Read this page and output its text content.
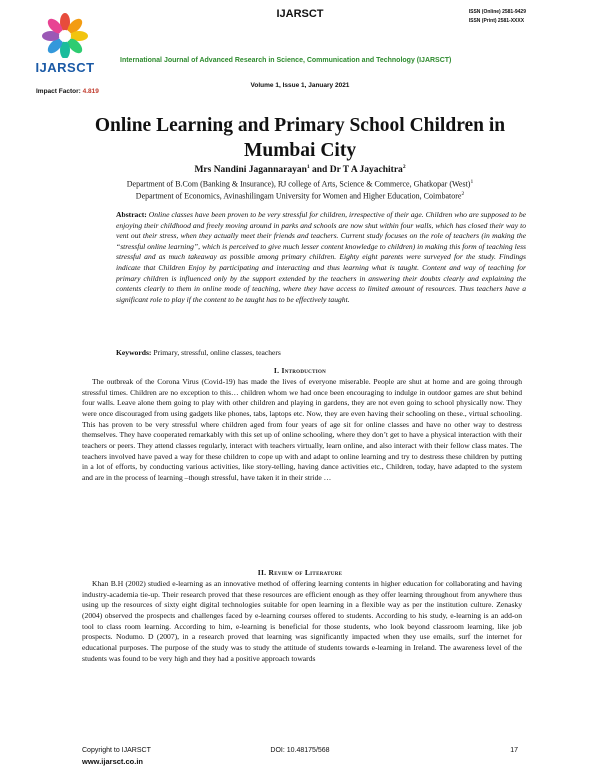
IJARSCT
Impact Factor: 4.819
IJARSCT	ISSN (Online) 2581-9429
ISSN (Print) 2581-XXXX
International Journal of Advanced Research in Science, Communication and Technology (IJARSCT)
Volume 1, Issue 1, January 2021
Online Learning and Primary School Children in Mumbai City
Mrs Nandini Jagannarayan$^1$ and Dr T A Jayachitra$^2$
Department of B.Com (Banking & Insurance), RJ college of Arts, Science & Commerce, Ghatkopar (West)$^1$
Department of Economics, Avinashilingam University for Women and Higher Education, Coimbatore$^2$
Abstract: Online classes have been proven to be very stressful for children, irrespective of their age. Children who are supposed to be enjoying their childhood and freely moving around in parks and schools are now shut within four walls, which has closed their way to vent out their stress, when they actually meet their friends and teachers. Current study focuses on the role of teachers (in making the “stressful online learning”, which is perceived to give much lesser content knowledge to children) in making this form of teaching less stressful and as much takeaway as possible among primary children. Eighty eight parents were surveyed for the study. Findings indicate that Children Enjoy by participating and interacting and thus learning what is taught. Content and way of teaching for primary children is influenced only by the support extended by the teachers in answering their doubts clearly and explaining the contents clearly to them in online mode of teaching, where they have access to limited amount of resources. Thus teachers have a significant role to play if the content to be taught has to be effectively taught.
Keywords: Primary, stressful, online classes, teachers
I. Introduction
The outbreak of the Corona Virus (Covid-19) has made the lives of everyone miserable. People are shut at home and are going through stressful times. Children are no exception to this… children whom we had once been encouraging to indulge in outdoor games are shut behind four walls. Leave alone them going to play with other children and playing in gardens, they are not even going to school physically now. They were once discouraged from using gadgets like phones, tabs, laptops etc. Now, they are even having their schooling on these., virtual schooling. This has proven to be very stressful where children aged from four years of age sit for online classes and have no other way to destress themselves. They have cooperated remarkably with this set up of online schooling, where they don’t get to have a physical interaction with their teachers or peers. They attend classes regularly, interact with teachers virtually, learn online, and also interact with their fellow class mates. The teachers involved have paved a way for these children to cope up with and adapt to online learning and try to destress these children by putting in a lot of efforts, by conducting various activities, like story-telling, having dance activities etc., Children, today, have adapted to the system and are in the process of learning –though stressful, have taken it in their stride …
II. Review of Literature
Khan B.H (2002) studied e-learning as an innovative method of offering learning contents in higher education for collaborating and having industry-academia tie-up. Their research proved that these resources are efficient enough as they offer learning throughout from anywhere thus using up the resources of sixty eight digital technologies suitable for open learning in a flexible way as per the institution culture. Zenasky (2004) observed the prospects and challenges faced by e-learning courses offered to students. According to his study, e-learning is an add-on tool to class room learning. According to him, e-learning is beneficial for those students, who look beyond classroom learning, like job prospects. Nodumo. D (2007), in a research proved that learning was significantly impacted when they use emails, surf the internet for educational purposes. The purpose of the study was to study the attitude of students towards e-learning in Ireland. The awareness level of the students was found to be very high and they had a positive approach towards
Copyright to IJARSCT	DOI: 10.48175/568	17
www.ijarsct.co.in
